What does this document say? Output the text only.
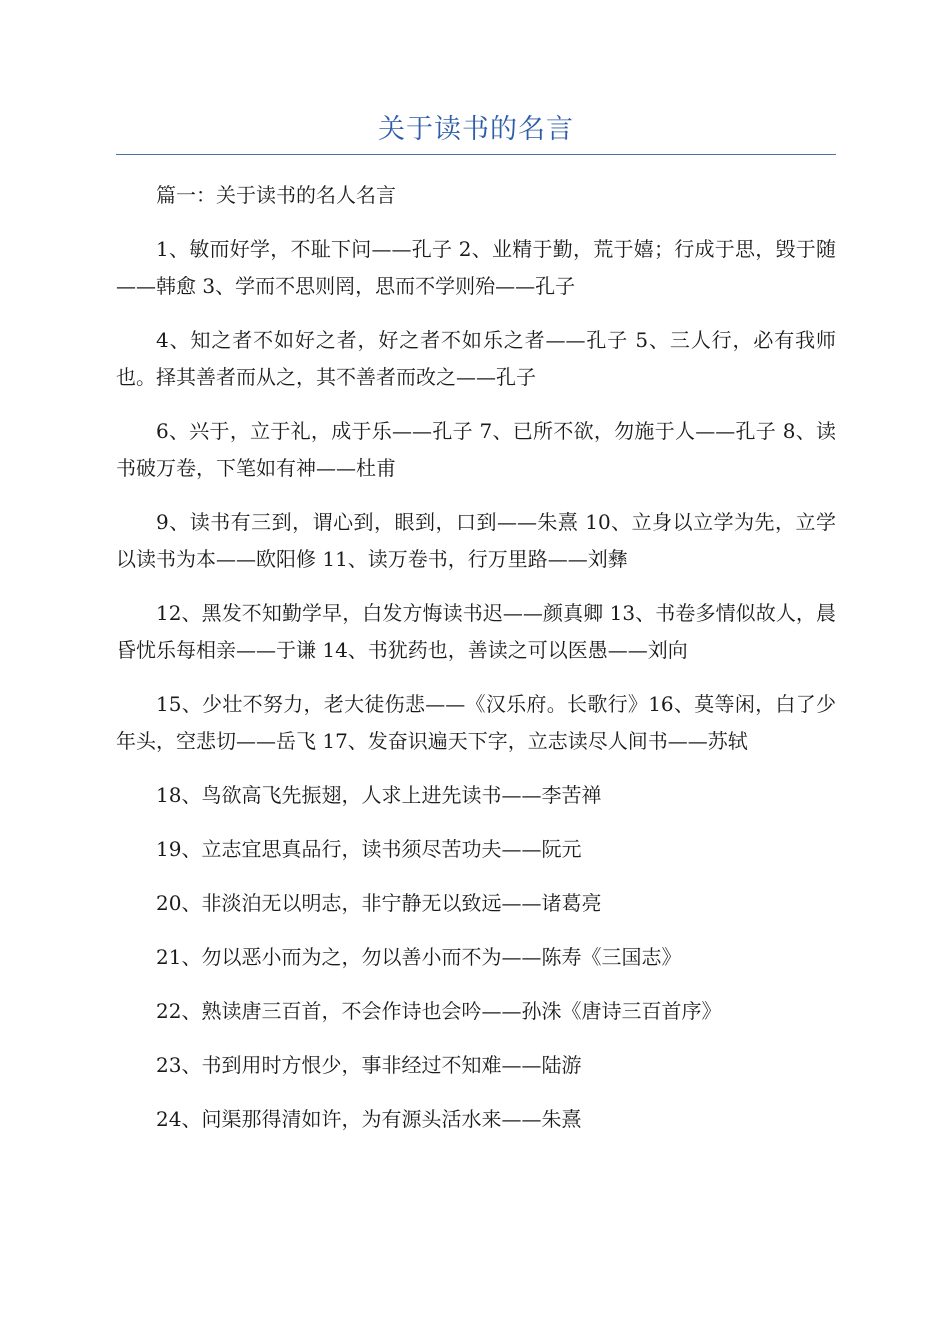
关于读书的名言

篇一：关于读书的名人名言

1、敏而好学，不耻下问——孔子 2、业精于勤，荒于嬉；行成于思，毁于随——韩愈 3、学而不思则罔，思而不学则殆——孔子

4、知之者不如好之者，好之者不如乐之者——孔子 5、三人行，必有我师也。择其善者而从之，其不善者而改之——孔子

6、兴于，立于礼，成于乐——孔子 7、已所不欲，勿施于人——孔子 8、读书破万卷，下笔如有神——杜甫

9、读书有三到，谓心到，眼到，口到——朱熹 10、立身以立学为先，立学以读书为本——欧阳修 11、读万卷书，行万里路——刘彝

12、黑发不知勤学早，白发方悔读书迟——颜真卿 13、书卷多情似故人，晨昏忧乐每相亲——于谦 14、书犹药也，善读之可以医愚——刘向

15、少壮不努力，老大徒伤悲——《汉乐府。长歌行》16、莫等闲，白了少年头，空悲切——岳飞 17、发奋识遍天下字，立志读尽人间书——苏轼

18、鸟欲高飞先振翅，人求上进先读书——李苦禅

19、立志宜思真品行，读书须尽苦功夫——阮元

20、非淡泊无以明志，非宁静无以致远——诸葛亮

21、勿以恶小而为之，勿以善小而不为——陈寿《三国志》

22、熟读唐三百首，不会作诗也会吟——孙洙《唐诗三百首序》

23、书到用时方恨少，事非经过不知难——陆游

24、问渠那得清如许，为有源头活水来——朱熹
